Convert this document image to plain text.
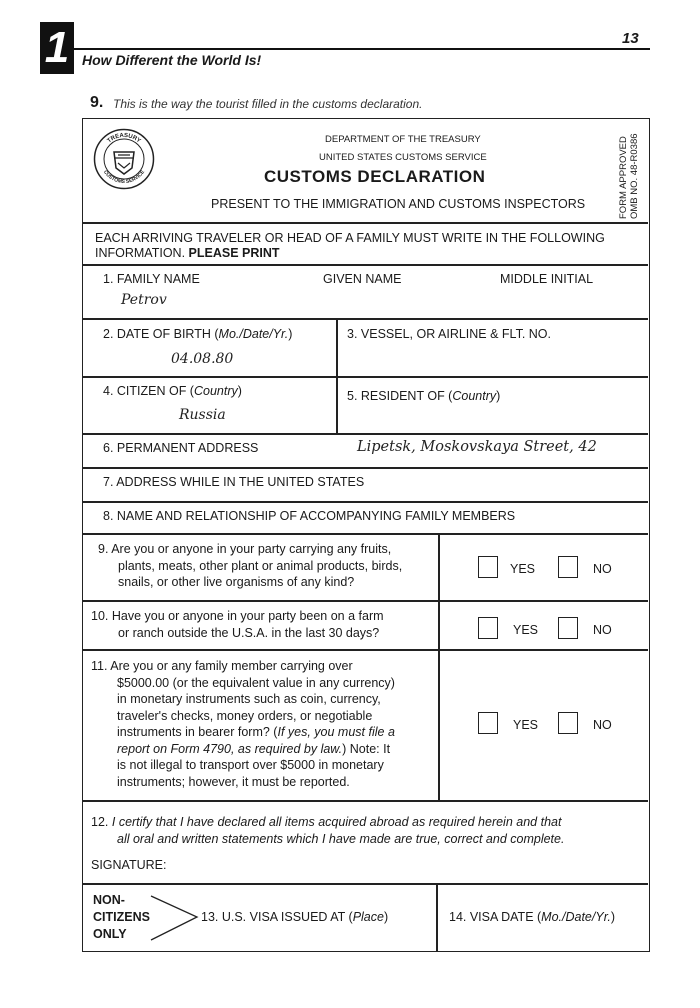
1	13
How Different the World Is!
9. This is the way the tourist filled in the customs declaration.
TREASURY
CUSTOMS SERVICE
DEPARTMENT OF THE TREASURY
UNITED STATES CUSTOMS SERVICE
CUSTOMS DECLARATION
PRESENT TO THE IMMIGRATION AND CUSTOMS INSPECTORS	FORM APPROVED OMB NO. 48-R0386
EACH ARRIVING TRAVELER OR HEAD OF A FAMILY MUST WRITE IN THE FOLLOWING
INFORMATION. PLEASE PRINT
1. FAMILY NAME	GIVEN NAME	MIDDLE INITIAL
Petrov
2. DATE OF BIRTH (Mo./Date/Yr.)
04.08.80
3. VESSEL, OR AIRLINE & FLT. NO.
4. CITIZEN OF (Country)
Russia
5. RESIDENT OF (Country)
6. PERMANENT ADDRESS	Lipetsk, Moskovskaya Street, 42
7. ADDRESS WHILE IN THE UNITED STATES
8. NAME AND RELATIONSHIP OF ACCOMPANYING FAMILY MEMBERS
9. Are you or anyone in your party carrying any fruits,
plants, meats, other plant or animal products, birds,
snails, or other live organisms of any kind?
YES	NO
10. Have you or anyone in your party been on a farm
or ranch outside the U.S.A. in the last 30 days?	YES	NO
11. Are you or any family member carrying over
$5000.00 (or the equivalent value in any currency)
in monetary instruments such as coin, currency,
traveler's checks, money orders, or negotiable
instruments in bearer form? (If yes, you must file a
report on Form 4790, as required by law.) Note: It
is not illegal to transport over $5000 in monetary
instruments; however, it must be reported.
YES	NO
12. I certify that I have declared all items acquired abroad as required herein and that
all oral and written statements which I have made are true, correct and complete.
SIGNATURE:
NON-
CITIZENS
ONLY
13. U.S. VISA ISSUED AT (Place)	14. VISA DATE (Mo./Date/Yr.)
